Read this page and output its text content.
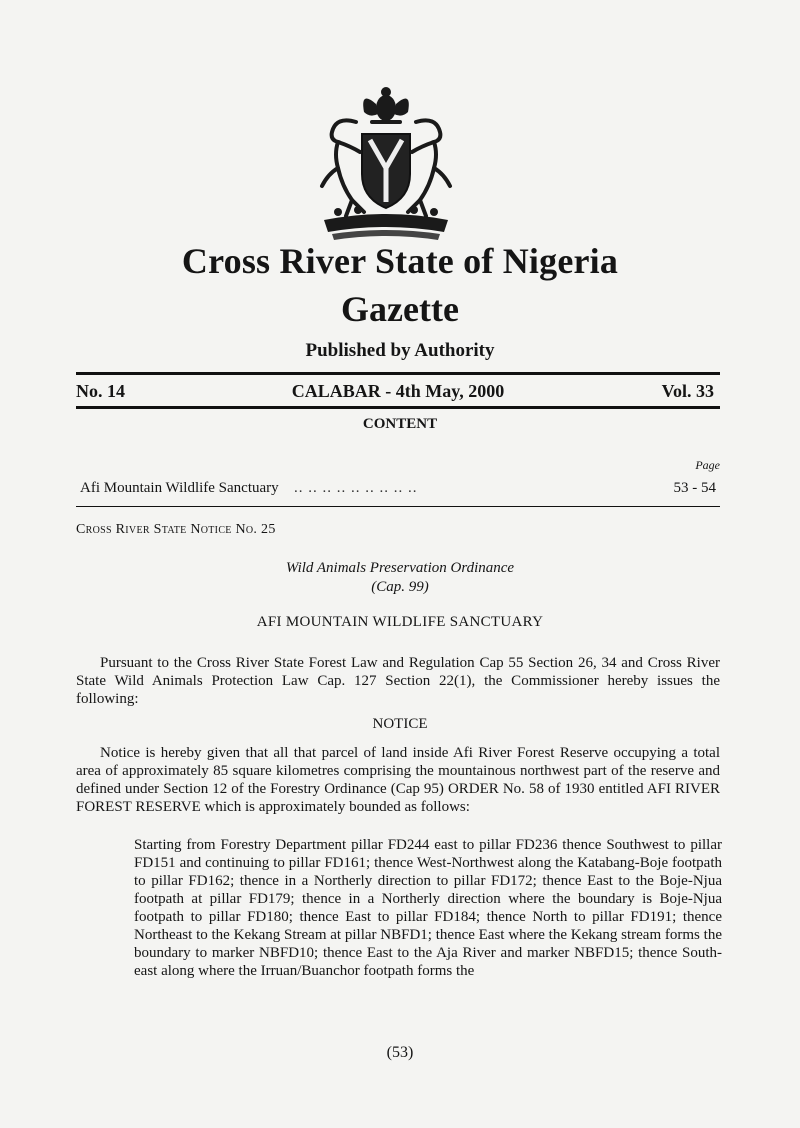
Cross River State of Nigeria
Gazette
Published by Authority
No. 14	CALABAR - 4th May, 2000	Vol. 33
CONTENT
Page
Afi Mountain Wildlife Sanctuary .. .. .. .. .. .. .. .. ..	53 - 54
Cross River State Notice No. 25
Wild Animals Preservation Ordinance
(Cap. 99)
AFI MOUNTAIN WILDLIFE SANCTUARY

Pursuant to the Cross River State Forest Law and Regulation Cap 55 Section 26, 34 and Cross River State Wild Animals Protection Law Cap. 127 Section 22(1), the Commissioner hereby issues the following:

NOTICE

Notice is hereby given that all that parcel of land inside Afi River Forest Reserve occupying a total area of approximately 85 square kilometres comprising the mountainous northwest part of the reserve and defined under Section 12 of the Forestry Ordinance (Cap 95) ORDER No. 58 of 1930 entitled AFI RIVER FOREST RESERVE which is approximately bounded as follows:

Starting from Forestry Department pillar FD244 east to pillar FD236 thence Southwest to pillar FD151 and continuing to pillar FD161; thence West-Northwest along the Katabang-Boje footpath to pillar FD162; thence in a Northerly direction to pillar FD172; thence East to the Boje-Njua footpath at pillar FD179; thence in a Northerly direction where the boundary is Boje-Njua footpath to pillar FD180; thence East to pillar FD184; thence North to pillar FD191; thence Northeast to the Kekang Stream at pillar NBFD1; thence East where the Kekang stream forms the boundary to marker NBFD10; thence East to the Aja River and marker NBFD15; thence South-east along where the Irruan/Buanchor footpath forms the

(53)
